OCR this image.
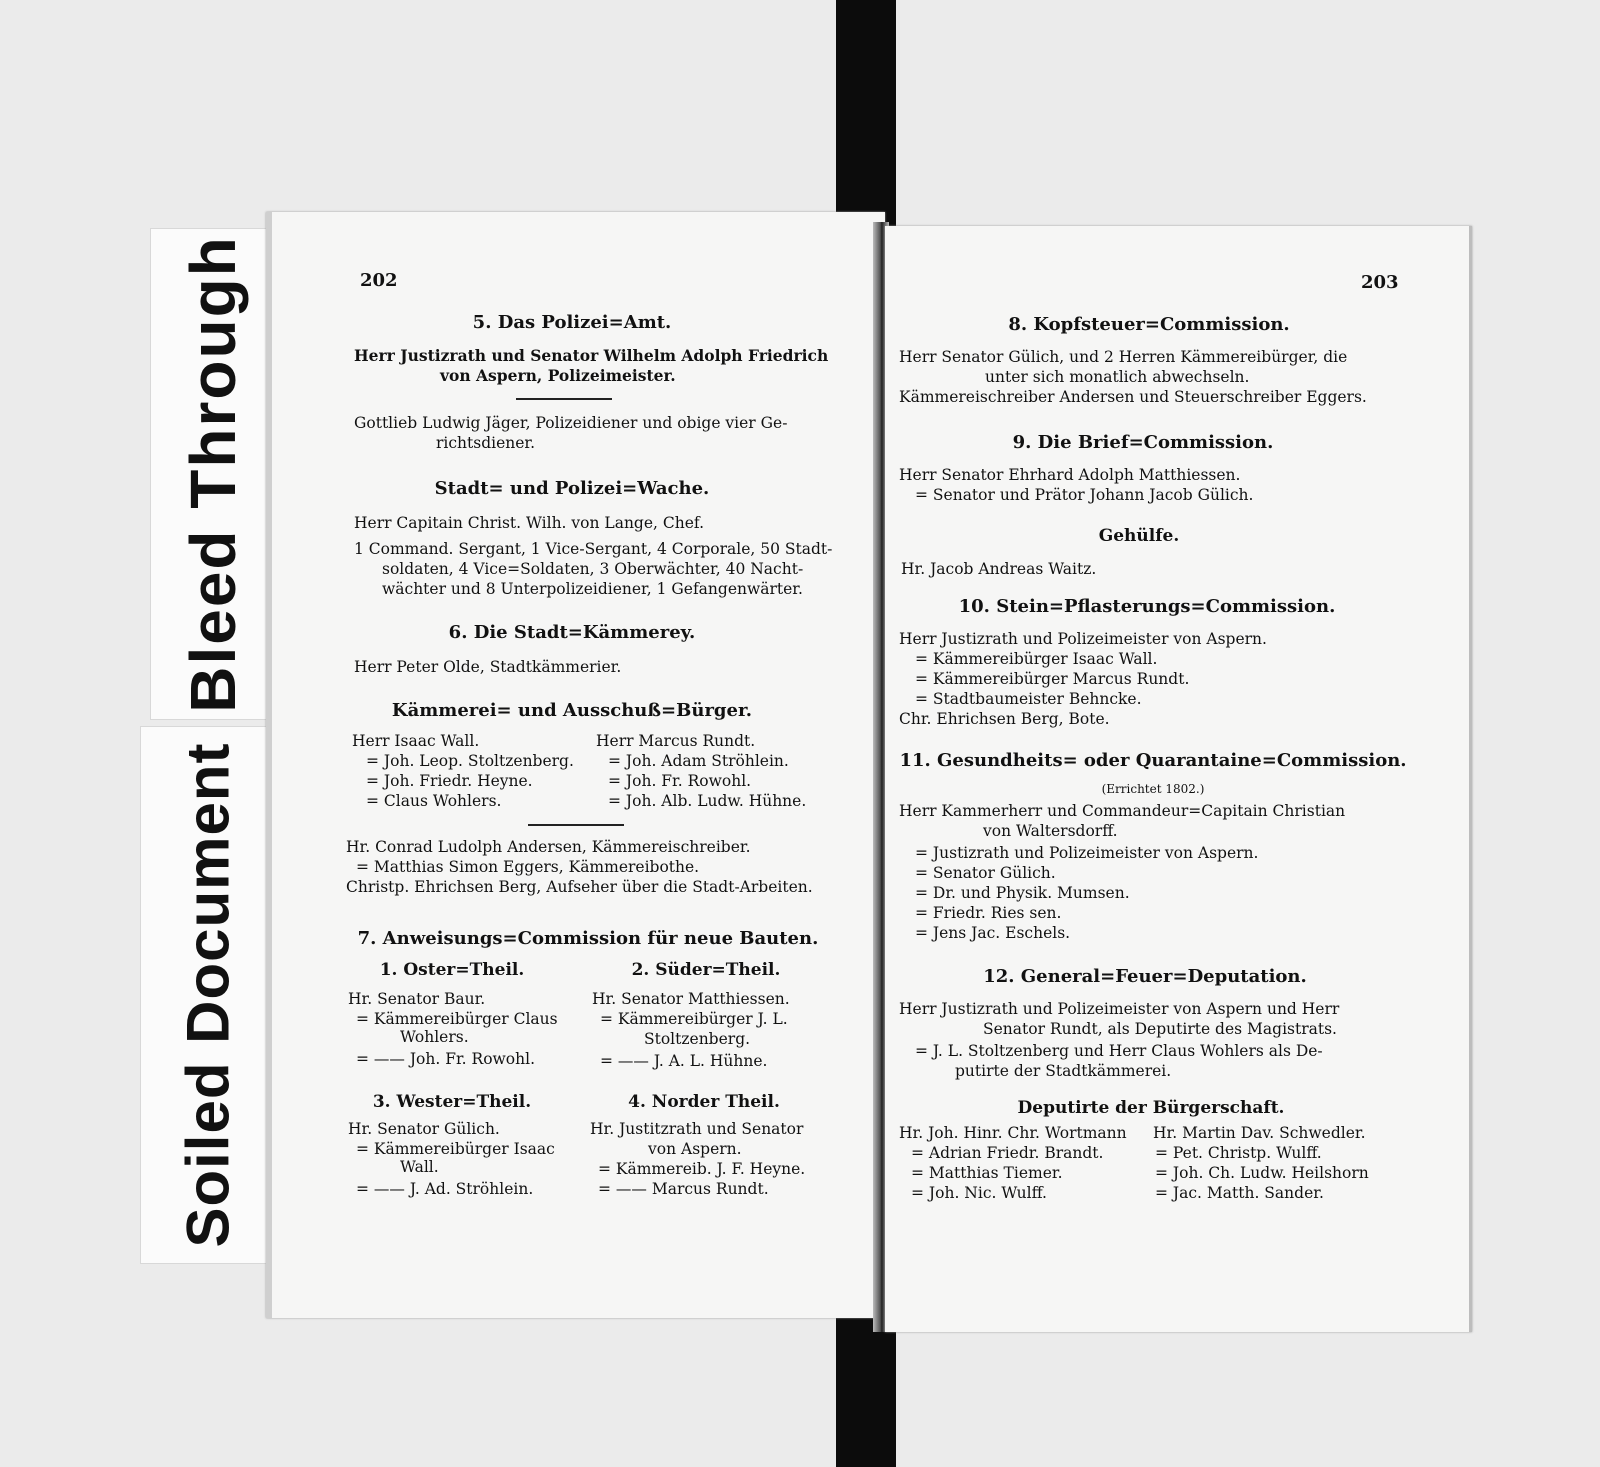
Bleed Through
Soiled Document
202
5. Das Polizei=Amt.
Herr Justizrath und Senator Wilhelm Adolph Friedrich
von Aspern, Polizeimeister.
Gottlieb Ludwig Jäger, Polizeidiener und obige vier Ge-
richtsdiener.
Stadt= und Polizei=Wache.
Herr Capitain Christ. Wilh. von Lange, Chef.
1 Command. Sergant, 1 Vice-Sergant, 4 Corporale, 50 Stadt-
soldaten, 4 Vice=Soldaten, 3 Oberwächter, 40 Nacht-
wächter und 8 Unterpolizeidiener, 1 Gefangenwärter.
6. Die Stadt=Kämmerey.
Herr Peter Olde, Stadtkämmerier.
Kämmerei= und Ausschuß=Bürger.
Herr Isaac Wall.
= Joh. Leop. Stoltzenberg.
= Joh. Friedr. Heyne.
= Claus Wohlers.
Herr Marcus Rundt.
= Joh. Adam Ströhlein.
= Joh. Fr. Rowohl.
= Joh. Alb. Ludw. Hühne.
Hr. Conrad Ludolph Andersen, Kämmereischreiber.
= Matthias Simon Eggers, Kämmereibothe.
Christp. Ehrichsen Berg, Aufseher über die Stadt-Arbeiten.
7. Anweisungs=Commission für neue Bauten.
1. Oster=Theil.
Hr. Senator Baur.
= Kämmereibürger Claus
Wohlers.
= —— Joh. Fr. Rowohl.
2. Süder=Theil.
Hr. Senator Matthiessen.
= Kämmereibürger J. L.
Stoltzenberg.
= —— J. A. L. Hühne.
3. Wester=Theil.
Hr. Senator Gülich.
= Kämmereibürger Isaac
Wall.
= —— J. Ad. Ströhlein.
4. Norder Theil.
Hr. Justitzrath und Senator
von Aspern.
= Kämmereib. J. F. Heyne.
= —— Marcus Rundt.
203
8. Kopfsteuer=Commission.
Herr Senator Gülich, und 2 Herren Kämmereibürger, die
unter sich monatlich abwechseln.
Kämmereischreiber Andersen und Steuerschreiber Eggers.
9. Die Brief=Commission.
Herr Senator Ehrhard Adolph Matthiessen.
= Senator und Prätor Johann Jacob Gülich.
Gehülfe.
Hr. Jacob Andreas Waitz.
10. Stein=Pflasterungs=Commission.
Herr Justizrath und Polizeimeister von Aspern.
= Kämmereibürger Isaac Wall.
= Kämmereibürger Marcus Rundt.
= Stadtbaumeister Behncke.
Chr. Ehrichsen Berg, Bote.
11. Gesundheits= oder Quarantaine=Commission.
(Errichtet 1802.)
Herr Kammerherr und Commandeur=Capitain Christian
von Waltersdorff.
= Justizrath und Polizeimeister von Aspern.
= Senator Gülich.
= Dr. und Physik. Mumsen.
= Friedr. Ries sen.
= Jens Jac. Eschels.
12. General=Feuer=Deputation.
Herr Justizrath und Polizeimeister von Aspern und Herr
Senator Rundt, als Deputirte des Magistrats.
= J. L. Stoltzenberg und Herr Claus Wohlers als De-
putirte der Stadtkämmerei.
Deputirte der Bürgerschaft.
Hr. Joh. Hinr. Chr. Wortmann
= Adrian Friedr. Brandt.
= Matthias Tiemer.
= Joh. Nic. Wulff.
Hr. Martin Dav. Schwedler.
= Pet. Christp. Wulff.
= Joh. Ch. Ludw. Heilshorn
= Jac. Matth. Sander.
